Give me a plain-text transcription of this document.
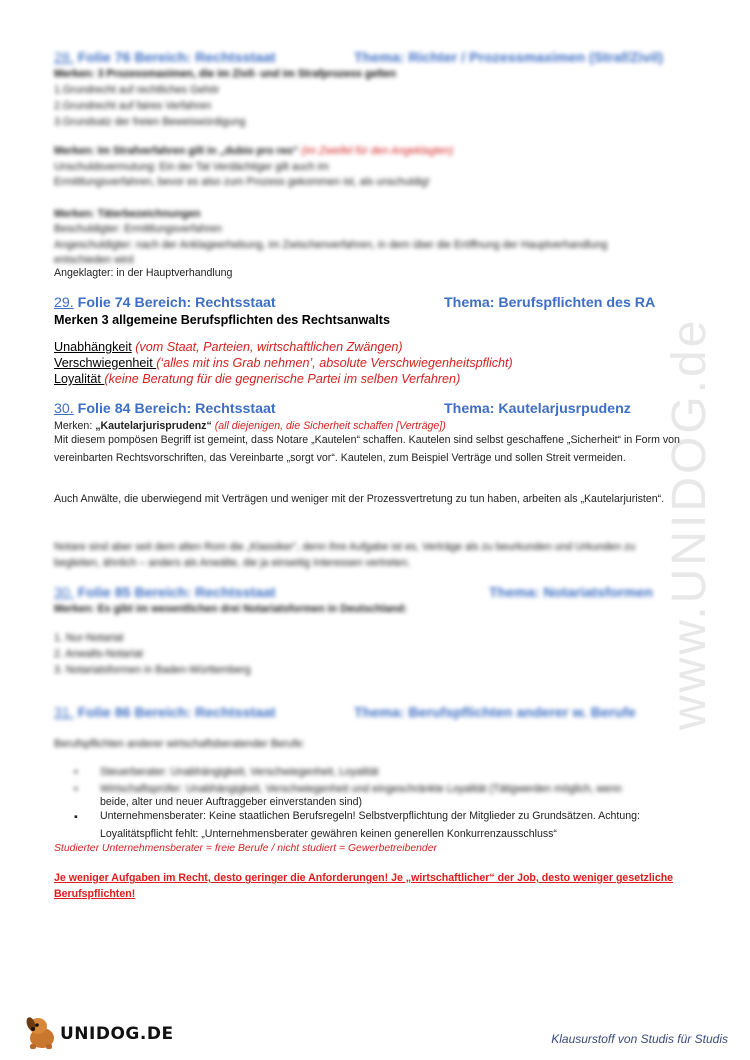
www.UNIDOG.de
28. Folie 76 Bereich: Rechtsstaat	Thema: Richter / Prozessmaximen (Straf/Zivil)
Merken: 3 Prozessmaximen, die im Zivil- und im Strafprozess gelten
1.Grundrecht auf rechtliches Gehör
2.Grundrecht auf faires Verfahren
3.Grundsatz der freien Beweiswürdigung
Merken: Im Strafverfahren gilt in „dubio pro reo“ (im Zweifel für den Angeklagten)
Unschuldsvermutung: Ein der Tat Verdächtiger gilt auch im
Ermittlungsverfahren, bevor es also zum Prozess gekommen ist, als unschuldig!
Merken: Täterbezeichnungen
Beschuldigter: Ermittlungsverfahren
Angeschuldigter: nach der Anklageerhebung, im Zwischenverfahren, in dem über die Eröffnung der Hauptverhandlung
entschieden wird
Angeklagter: in der Hauptverhandlung
29. Folie 74 Bereich: Rechtsstaat	Thema: Berufspflichten des RA
Merken 3 allgemeine Berufspflichten des Rechtsanwalts
Unabhängkeit (vom Staat, Parteien, wirtschaftlichen Zwängen)
Verschwiegenheit (‘alles mit ins Grab nehmen’, absolute Verschwiegenheitspflicht)
Loyalität (keine Beratung für die gegnerische Partei im selben Verfahren)
30. Folie 84 Bereich: Rechtsstaat	Thema: Kautelarjusrpudenz
Merken: „Kautelarjurisprudenz“ (all diejenigen, die Sicherheit schaffen [Verträge])
Mit diesem pompösen Begriff ist gemeint, dass Notare „Kautelen“ schaffen. Kautelen sind selbst geschaffene „Sicherheit“ in Form von vereinbarten Rechtsvorschriften, das Vereinbarte „sorgt vor“. Kautelen, zum Beispiel Verträge und sollen Streit vermeiden.
Auch Anwälte, die uberwiegend mit Verträgen und weniger mit der Prozessvertretung zu tun haben, arbeiten als „Kautelarjuristen“.
Notare sind aber seit dem alten Rom die „Klassiker“, denn ihre Aufgabe ist es, Verträge als zu beurkunden und Urkunden zu
begleiten, ähnlich – anders als Anwälte, die ja einseitig Interessen vertreten.
30. Folie 85 Bereich: Rechtsstaat	Thema: Notariatsformen
Merken: Es gibt im wesentlichen drei Notariatsformen in Deutschland:
1. Nur-Notariat
2. Anwalts-Notariat
3. Notariatsformen in Baden-Württemberg
31. Folie 86 Bereich: Rechtsstaat	Thema: Berufspflichten anderer w. Berufe
Berufspflichten anderer wirtschaftsberatender Berufe:
▪ Steuerberater: Unabhängigkeit, Verschwiegenheit, Loyalität
▪ Wirtschaftsprüfer: Unabhängigkeit, Verschwiegenheit und eingeschränkte Loyalität (Tätigwerden möglich, wenn
beide, alter und neuer Auftraggeber einverstanden sind)
▪ Unternehmensberater: Keine staatlichen Berufsregeln! Selbstverpflichtung der Mitglieder zu Grundsätzen. Achtung: Loyalitätspflicht fehlt: „Unternehmensberater gewähren keinen generellen Konkurrenzausschluss“
Studierter Unternehmensberater = freie Berufe / nicht studiert = Gewerbetreibender
Je weniger Aufgaben im Recht, desto geringer die Anforderungen! Je „wirtschaftlicher“ der Job, desto weniger gesetzliche Berufspflichten!
UNIDOG.DE	Klausurstoff von Studis für Studis
